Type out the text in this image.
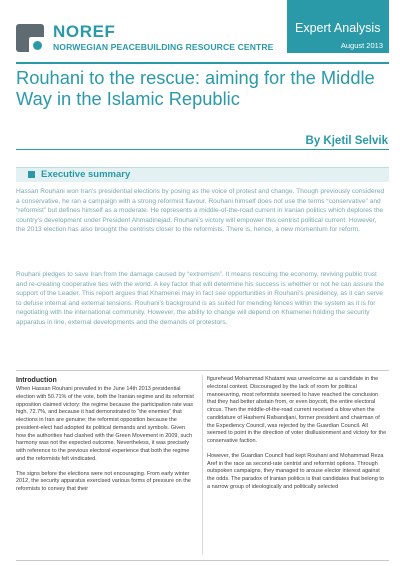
NOREF
NORWEGIAN PEACEBUILDING RESOURCE CENTRE
Expert Analysis
August 2013
Rouhani to the rescue: aiming for the Middle Way in the Islamic Republic
By Kjetil Selvik
Executive summary

Hassan Rouhani won Iran’s presidential elections by posing as the voice of protest and change. Though previously considered a conservative, he ran a campaign with a strong reformist flavour. Rouhani himself does not use the terms “conservative” and “reformist” but defines himself as a moderate. He represents a middle-of-the-road current in Iranian politics which deplores the country’s development under President Ahmadinejad. Rouhani’s victory will empower this centrist political current. However, the 2013 election has also brought the centrists closer to the reformists. There is, hence, a new momentum for reform.

Rouhani pledges to save Iran from the damage caused by “extremism”. It means rescuing the economy, reviving public trust and re-creating cooperative ties with the world. A key factor that will determine his success is whether or not he can assure the support of the Leader. This report argues that Khamenei may in fact see opportunities in Rouhani’s presidency, as it can serve to defuse internal and external tensions. Rouhani’s background is as suited for mending fences within the system as it is for negotiating with the international community. However, the ability to change will depend on Khamenei holding the security apparatus in line, external developments and the demands of protestors.

Introduction

When Hassan Rouhani prevailed in the June 14th 2013 presidential election with 50.71% of the vote, both the Iranian regime and its reformist opposition claimed victory: the regime because the participation rate was high, 72.7%, and because it had demonstrated to “the enemies” that elections in Iran are genuine; the reformist opposition because the president-elect had adopted its political demands and symbols. Given how the authorities had clashed with the Green Movement in 2009, such harmony was not the expected outcome. Nevertheless, it was precisely with reference to the previous electoral experience that both the regime and the reformists felt vindicated.

The signs before the elections were not encouraging. From early winter 2012, the security apparatus exercised various forms of pressure on the reformists to convey that their

figurehead Mohammad Khatami was unwelcome as a candidate in the electoral contest. Discouraged by the lack of room for political manoeuvring, most reformists seemed to have reached the conclusion that they had better abstain from, or even boycott, the entire electoral circus. Then the middle-of-the-road current received a blow when the candidature of Hashemi Rafsandjani, former president and chairman of the Expediency Council, was rejected by the Guardian Council. All seemed to point in the direction of voter disillusionment and victory for the conservative faction.

However, the Guardian Council had kept Rouhani and Mohammad Reza Aref in the race as second-rate centrist and reformist options. Through outspoken campaigns, they managed to arouse elector interest against the odds. The paradox of Iranian politics is that candidates that belong to a narrow group of ideologically and politically selected
